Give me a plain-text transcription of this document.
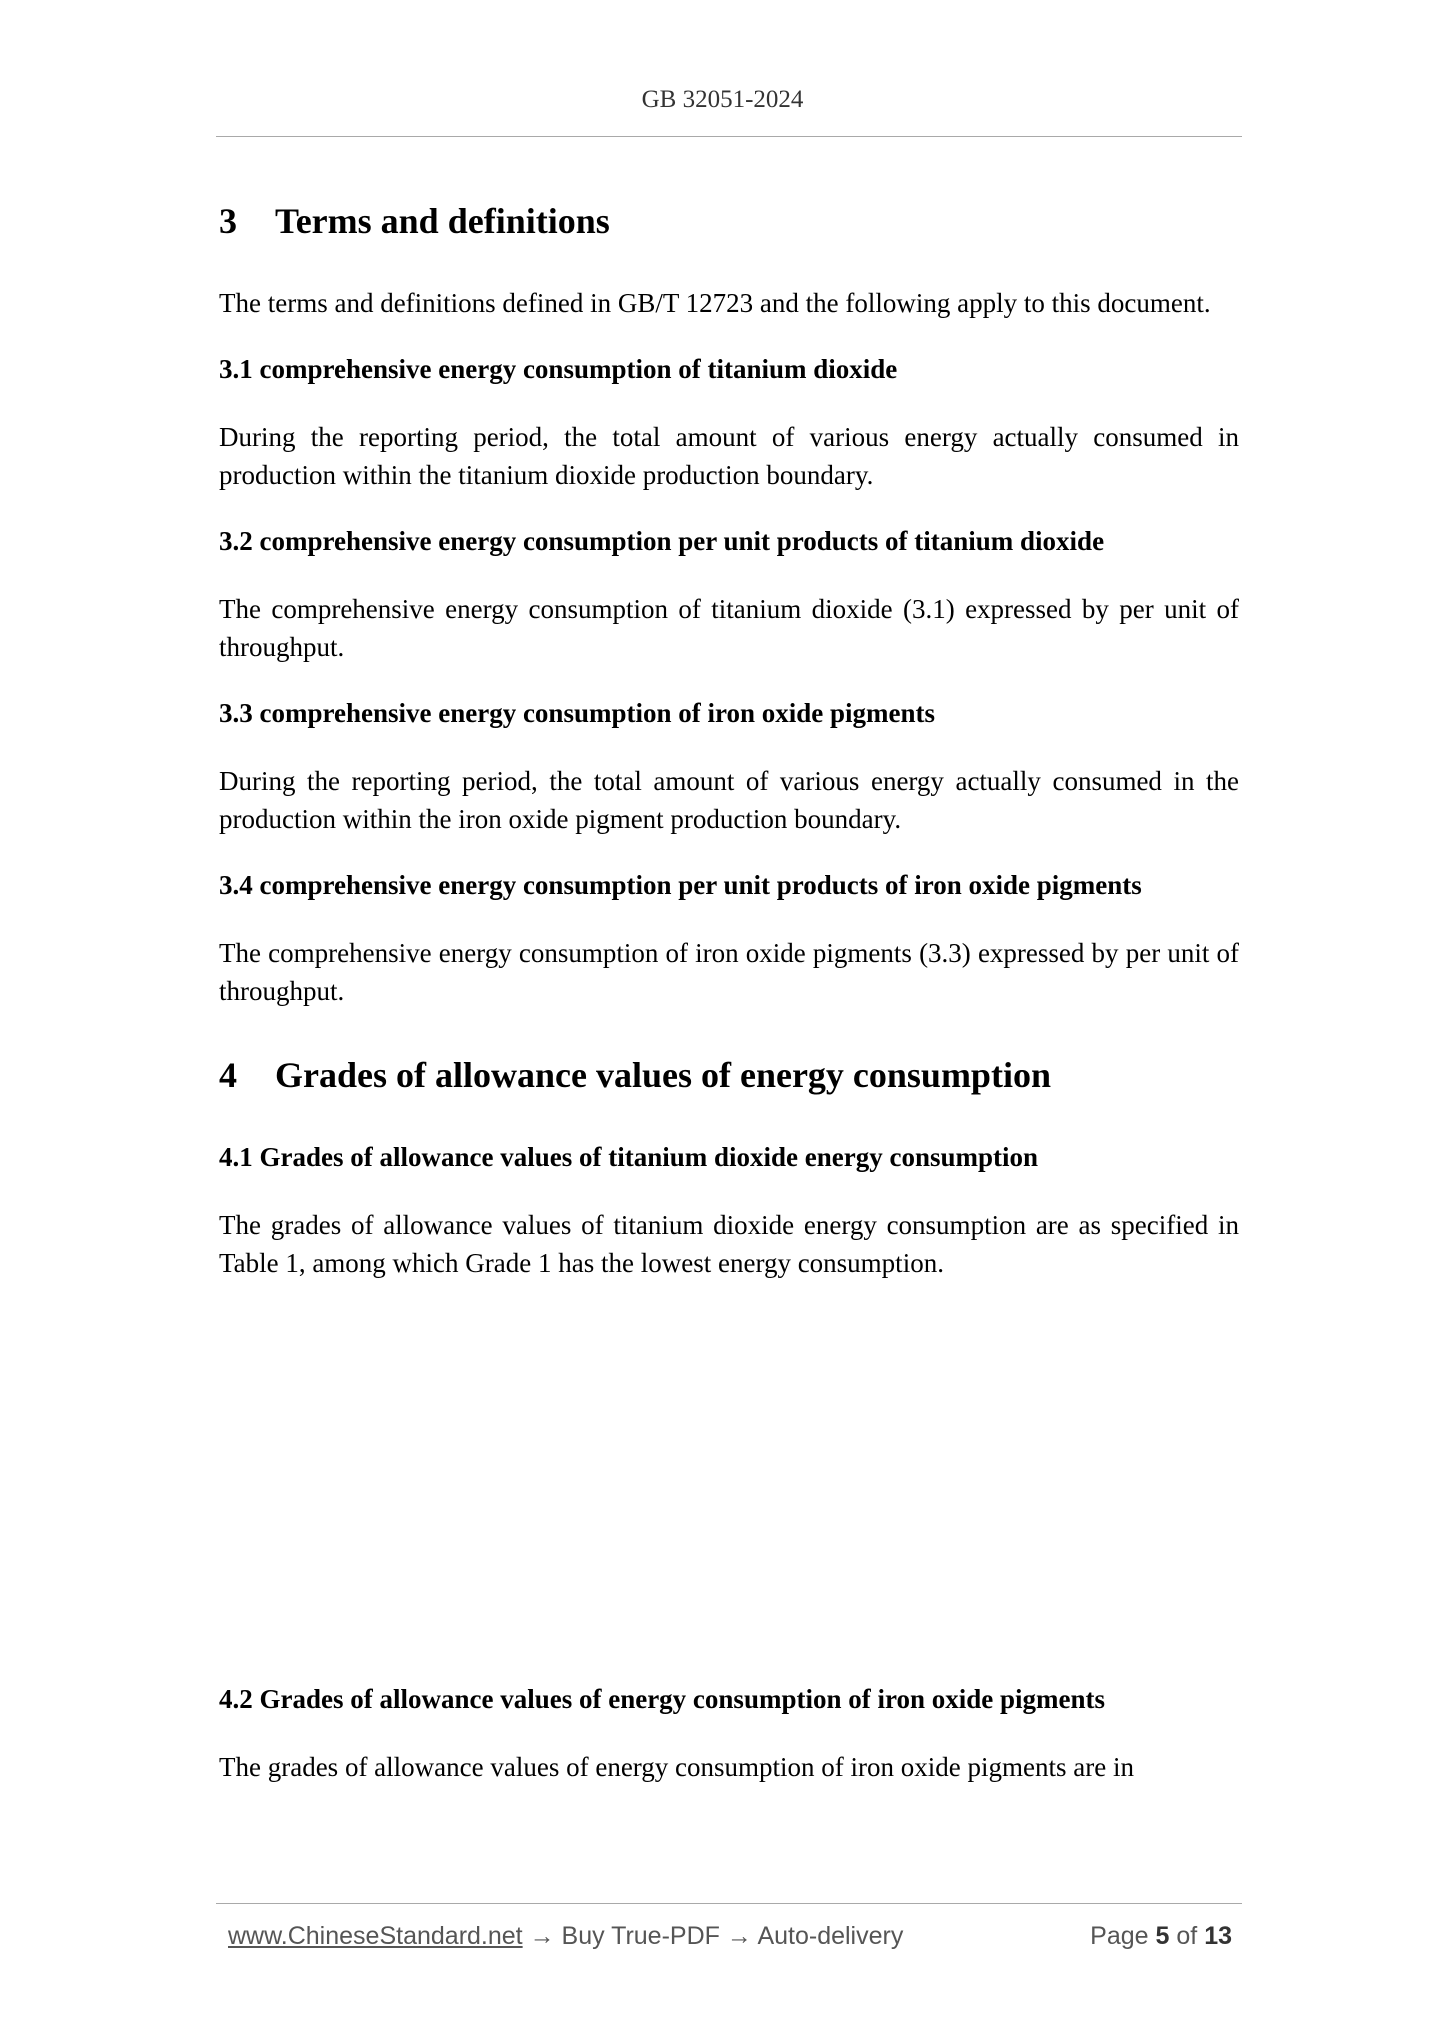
GB 32051-2024
3 Terms and definitions

The terms and definitions defined in GB/T 12723 and the following apply to this document.

3.1 comprehensive energy consumption of titanium dioxide

During the reporting period, the total amount of various energy actually consumed in production within the titanium dioxide production boundary.

3.2 comprehensive energy consumption per unit products of titanium dioxide

The comprehensive energy consumption of titanium dioxide (3.1) expressed by per unit of throughput.

3.3 comprehensive energy consumption of iron oxide pigments

During the reporting period, the total amount of various energy actually consumed in the production within the iron oxide pigment production boundary.

3.4 comprehensive energy consumption per unit products of iron oxide pigments

The comprehensive energy consumption of iron oxide pigments (3.3) expressed by per unit of throughput.

4 Grades of allowance values of energy consumption
4.1 Grades of allowance values of titanium dioxide energy consumption

The grades of allowance values of titanium dioxide energy consumption are as specified in Table 1, among which Grade 1 has the lowest energy consumption.

4.2 Grades of allowance values of energy consumption of iron oxide pigments

The grades of allowance values of energy consumption of iron oxide pigments are in

www.ChineseStandard.net → Buy True-PDF → Auto-delivery	Page 5 of 13
